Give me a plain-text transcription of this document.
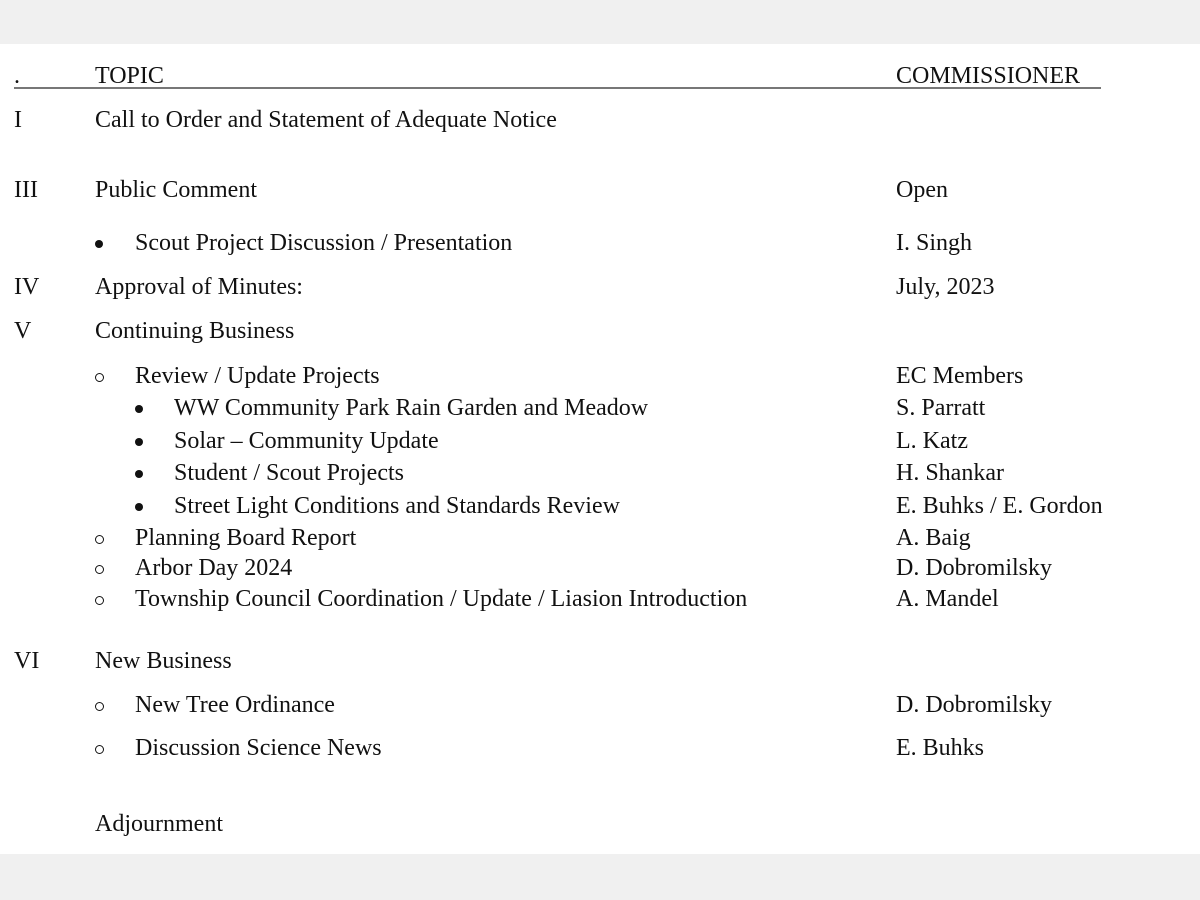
.	TOPIC	COMMISSIONER
I	Call to Order and Statement of Adequate Notice
III Public Comment	Open
Scout Project Discussion / Presentation	I. Singh
IV Approval of Minutes:	July, 2023
V	Continuing Business
Review / Update Projects	EC Members
WW Community Park Rain Garden and Meadow	S. Parratt
Solar – Community Update	L. Katz
Student / Scout Projects	H. Shankar
Street Light Conditions and Standards Review	E. Buhks / E. Gordon
Planning Board Report	A. Baig
Arbor Day 2024	D. Dobromilsky
Township Council Coordination / Update / Liasion Introduction	A. Mandel
VI New Business
New Tree Ordinance	D. Dobromilsky
Discussion Science News	E. Buhks
Adjournment
